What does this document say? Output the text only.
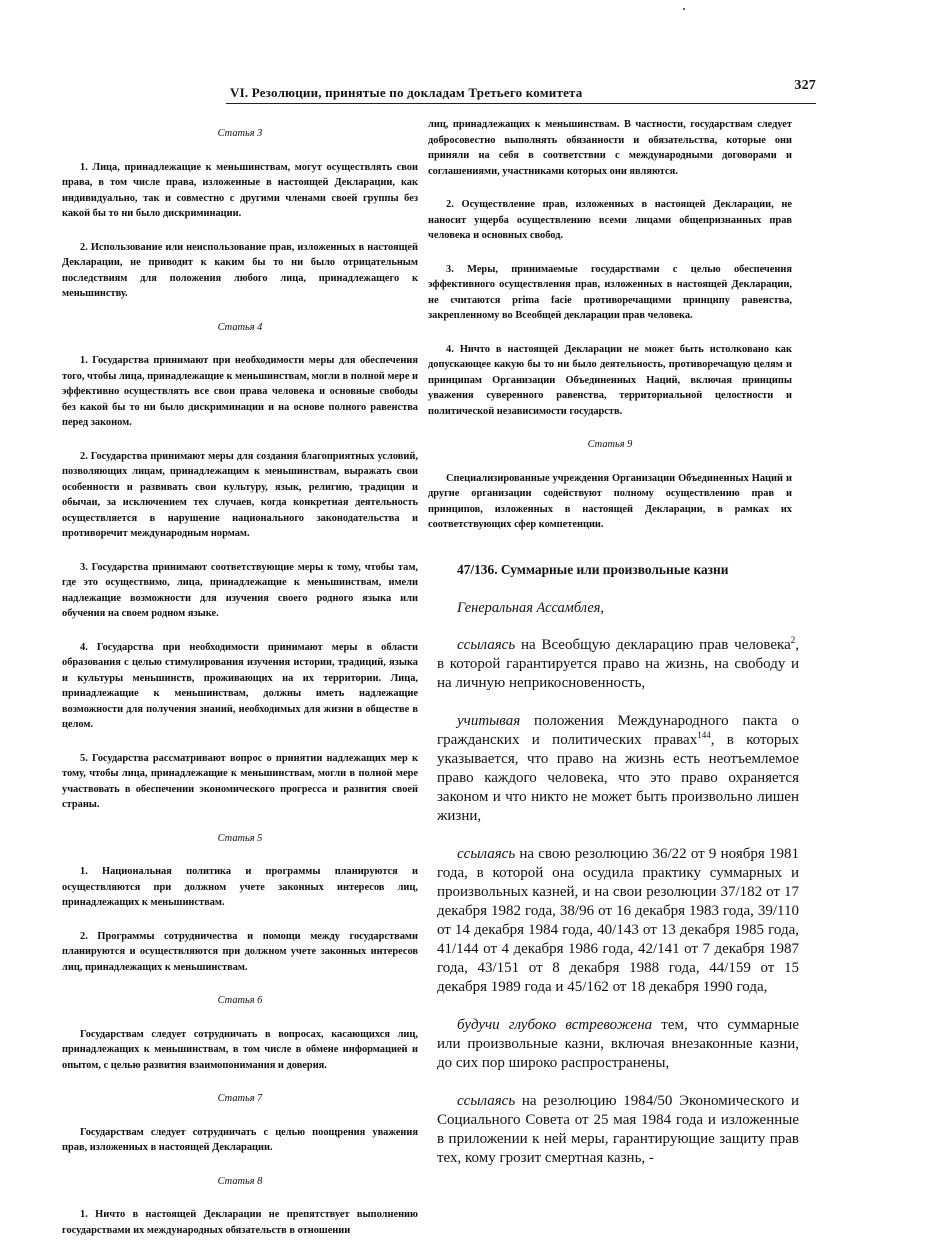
VI. Резолюции, принятые по докладам Третьего комитета	327
Статья 3
1. Лица, принадлежащие к меньшинствам, могут осуществлять свои права, в том числе права, изложенные в настоящей Декларации, как индивидуально, так и совместно с другими членами своей группы без какой бы то ни было дискриминации.
2. Использование или неиспользование прав, изложенных в настоящей Декларации, не приводит к каким бы то ни было отрицательным последствиям для положения любого лица, принадлежащего к меньшинству.
Статья 4
1. Государства принимают при необходимости меры для обеспечения того, чтобы лица, принадлежащие к меньшинствам, могли в полной мере и эффективно осуществлять все свои права человека и основные свободы без какой бы то ни было дискриминации и на основе полного равенства перед законом.
2. Государства принимают меры для создания благоприятных условий, позволяющих лицам, принадлежащим к меньшинствам, выражать свои особенности и развивать свои культуру, язык, религию, традиции и обычаи, за исключением тех случаев, когда конкретная деятельность осуществляется в нарушение национального законодательства и противоречит международным нормам.
3. Государства принимают соответствующие меры к тому, чтобы там, где это осуществимо, лица, принадлежащие к меньшинствам, имели надлежащие возможности для изучения своего родного языка или обучения на своем родном языке.
4. Государства при необходимости принимают меры в области образования с целью стимулирования изучения истории, традиций, языка и культуры меньшинств, проживающих на их территории. Лица, принадлежащие к меньшинствам, должны иметь надлежащие возможности для получения знаний, необходимых для жизни в обществе в целом.
5. Государства рассматривают вопрос о принятии надлежащих мер к тому, чтобы лица, принадлежащие к меньшинствам, могли в полной мере участвовать в обеспечении экономического прогресса и развития своей страны.
Статья 5
1. Национальная политика и программы планируются и осуществляются при должном учете законных интересов лиц, принадлежащих к меньшинствам.
2. Программы сотрудничества и помощи между государствами планируются и осуществляются при должном учете законных интересов лиц, принадлежащих к меньшинствам.
Статья 6
Государствам следует сотрудничать в вопросах, касающихся лиц, принадлежащих к меньшинствам, в том числе в обмене информацией и опытом, с целью развития взаимопонимания и доверия.
Статья 7
Государствам следует сотрудничать с целью поощрения уважения прав, изложенных в настоящей Декларации.
Статья 8
1. Ничто в настоящей Декларации не препятствует выполнению государствами их международных обязательств в отношении
лиц, принадлежащих к меньшинствам. В частности, государствам следует добросовестно выполнять обязанности и обязательства, которые они приняли на себя в соответствии с международными договорами и соглашениями, участниками которых они являются.
2. Осуществление прав, изложенных в настоящей Декларации, не наносит ущерба осуществлению всеми лицами общепризнанных прав человека и основных свобод.
3. Меры, принимаемые государствами с целью обеспечения эффективного осуществления прав, изложенных в настоящей Декларации, не считаются prima facie противоречащими принципу равенства, закрепленному во Всеобщей декларации прав человека.
4. Ничто в настоящей Декларации не может быть истолковано как допускающее какую бы то ни было деятельность, противоречащую целям и принципам Организации Объединенных Наций, включая принципы уважения суверенного равенства, территориальной целостности и политической независимости государств.
Статья 9
Специализированные учреждения Организации Объединенных Наций и другие организации содействуют полному осуществлению прав и принципов, изложенных в настоящей Декларации, в рамках их соответствующих сфер компетенции.
47/136. Суммарные или произвольные казни
Генеральная Ассамблея,
ссылаясь на Всеобщую декларацию прав человека$^2$, в которой гарантируется право на жизнь, на свободу и на личную неприкосновенность,
учитывая положения Международного пакта о гражданских и политических правах$^{144}$, в которых указывается, что право на жизнь есть неотъемлемое право каждого человека, что это право охраняется законом и что никто не может быть произвольно лишен жизни,
ссылаясь на свою резолюцию 36/22 от 9 ноября 1981 года, в которой она осудила практику суммарных и произвольных казней, и на свои резолюции 37/182 от 17 декабря 1982 года, 38/96 от 16 декабря 1983 года, 39/110 от 14 декабря 1984 года, 40/143 от 13 декабря 1985 года, 41/144 от 4 декабря 1986 года, 42/141 от 7 декабря 1987 года, 43/151 от 8 декабря 1988 года, 44/159 от 15 декабря 1989 года и 45/162 от 18 декабря 1990 года,
будучи глубоко встревожена тем, что суммарные или произвольные казни, включая внезаконные казни, до сих пор широко распространены,
ссылаясь на резолюцию 1984/50 Экономического и Социального Совета от 25 мая 1984 года и изложенные в приложении к ней меры, гарантирующие защиту прав тех, кому грозит смертная казнь, -
